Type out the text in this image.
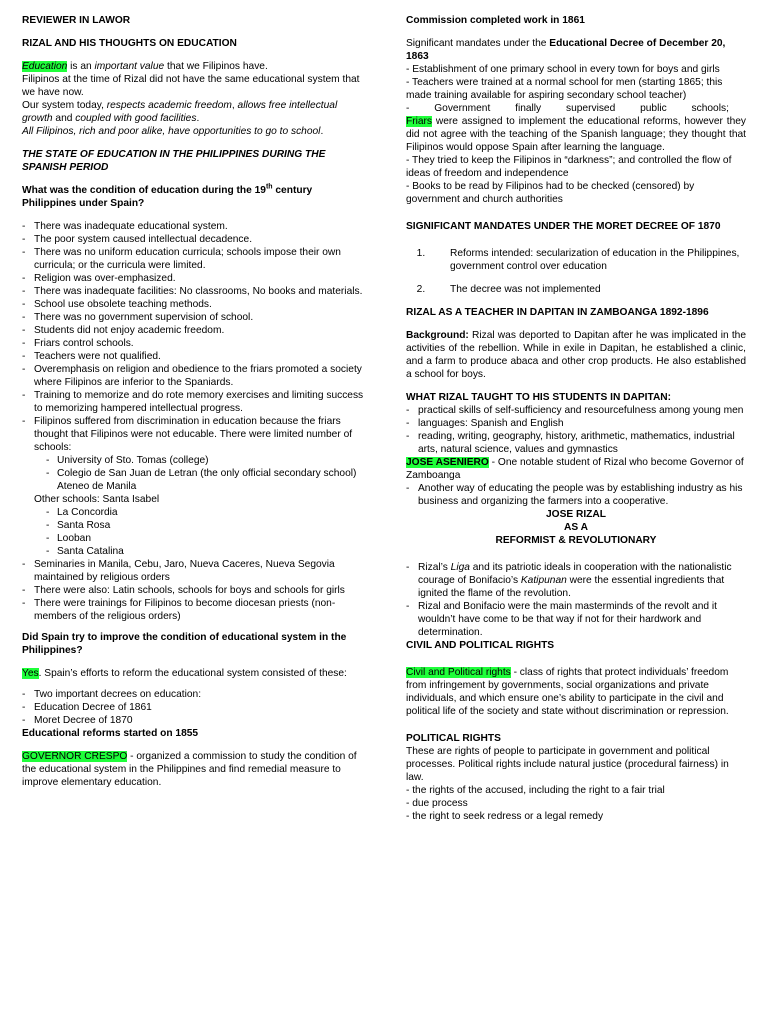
REVIEWER IN LAWOR

RIZAL AND HIS THOUGHTS ON EDUCATION

Education is an important value that we Filipinos have.

Filipinos at the time of Rizal did not have the same educational system that we have now.

Our system today, respects academic freedom, allows free intellectual growth and coupled with good facilities.

All Filipinos, rich and poor alike, have opportunities to go to school.

THE STATE OF EDUCATION IN THE PHILIPPINES DURING THE SPANISH PERIOD

What was the condition of education during the 19th century Philippines under Spain?

- There was inadequate educational system.
- The poor system caused intellectual decadence.
- There was no uniform education curricula; schools impose their own curricula; or the curricula were limited.
- Religion was over-emphasized.
- There was inadequate facilities: No classrooms, No books and materials.
- School use obsolete teaching methods.
- There was no government supervision of school.
- Students did not enjoy academic freedom.
- Friars control schools.
- Teachers were not qualified.
- Overemphasis on religion and obedience to the friars promoted a society where Filipinos are inferior to the Spaniards.
- Training to memorize and do rote memory exercises and limiting success to memorizing hampered intellectual progress.
- Filipinos suffered from discrimination in education because the friars thought that Filipinos were not educable. There were limited number of schools:
- University of Sto. Tomas (college)
- Colegio de San Juan de Letran (the only official secondary school) Ateneo de Manila

Other schools: Santa Isabel

- La Concordia
- Santa Rosa
- Looban
- Santa Catalina
- Seminaries in Manila, Cebu, Jaro, Nueva Caceres, Nueva Segovia maintained by religious orders
- There were also: Latin schools, schools for boys and schools for girls
- There were trainings for Filipinos to become diocesan priests (non-members of the religious orders)

Did Spain try to improve the condition of educational system in the Philippines?

Yes. Spain’s efforts to reform the educational system consisted of these:

- Two important decrees on education:
- Education Decree of 1861
- Moret Decree of 1870

Educational reforms started on 1855

GOVERNOR CRESPO - organized a commission to study the condition of the educational system in the Philippines and find remedial measure to improve elementary education.

Commission completed work in 1861

Significant mandates under the Educational Decree of December 20, 1863

- Establishment of one primary school in every town for boys and girls

- Teachers were trained at a normal school for men (starting 1865; this made training available for aspiring secondary school teacher)

- Government finally supervised public schools;

Friars were assigned to implement the educational reforms, however they did not agree with the teaching of the Spanish language; they thought that Filipinos would oppose Spain after learning the language.

- They tried to keep the Filipinos in “darkness”; and controlled the flow of ideas of freedom and independence

- Books to be read by Filipinos had to be checked (censored) by government and church authorities

SIGNIFICANT MANDATES UNDER THE MORET DECREE OF 1870

1. Reforms intended: secularization of education in the Philippines, government control over education
2. The decree was not implemented

RIZAL AS A TEACHER IN DAPITAN IN ZAMBOANGA 1892-1896

Background: Rizal was deported to Dapitan after he was implicated in the activities of the rebellion. While in exile in Dapitan, he established a clinic, and a farm to produce abaca and other crop products. He also established a school for boys.

WHAT RIZAL TAUGHT TO HIS STUDENTS IN DAPITAN:

- practical skills of self-sufficiency and resourcefulness among young men
- languages: Spanish and English
- reading, writing, geography, history, arithmetic, mathematics, industrial arts, natural science, values and gymnastics

JOSE ASENIERO - One notable student of Rizal who become Governor of Zamboanga

- Another way of educating the people was by establishing industry as his business and organizing the farmers into a cooperative.

JOSE RIZAL

AS A

REFORMIST & REVOLUTIONARY

- Rizal’s Liga and its patriotic ideals in cooperation with the nationalistic courage of Bonifacio’s Katipunan were the essential ingredients that ignited the flame of the revolution.
- Rizal and Bonifacio were the main masterminds of the revolt and it wouldn’t have come to be that way if not for their hardwork and determination.

CIVIL AND POLITICAL RIGHTS

Civil and Political rights - class of rights that protect individuals’ freedom from infringement by governments, social organizations and private individuals, and which ensure one’s ability to participate in the civil and political life of the society and state without discrimination or repression.

POLITICAL RIGHTS

These are rights of people to participate in government and political processes. Political rights include natural justice (procedural fairness) in law.

- the rights of the accused, including the right to a fair trial

- due process

- the right to seek redress or a legal remedy
